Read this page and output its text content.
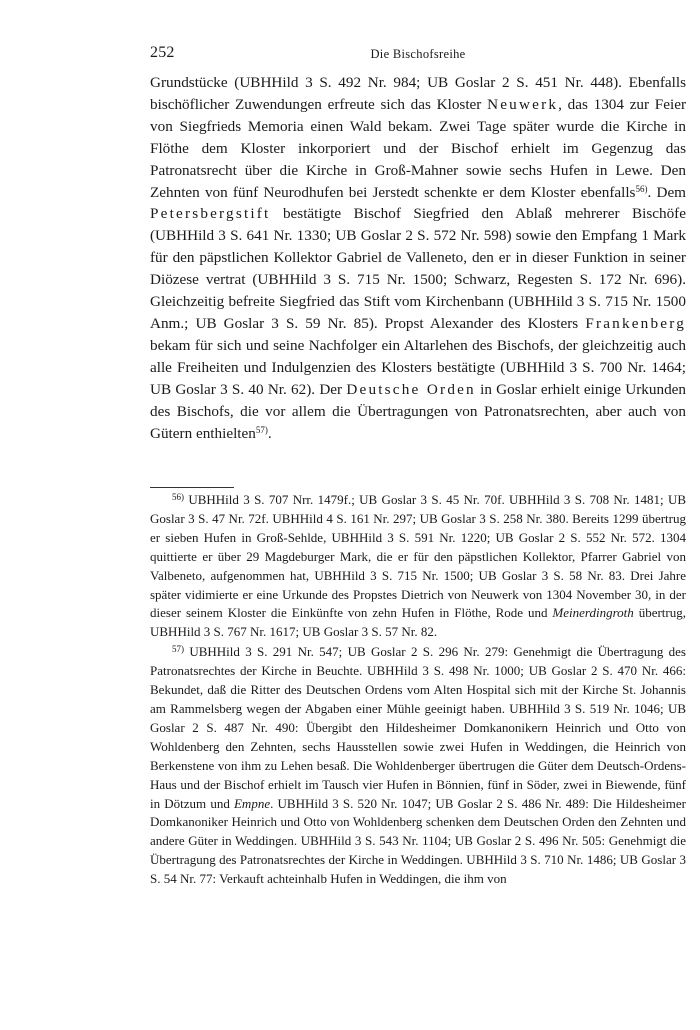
252	Die Bischofsreihe

Grundstücke (UBHHild 3 S. 492 Nr. 984; UB Goslar 2 S. 451 Nr. 448). Ebenfalls bischöflicher Zuwendungen erfreute sich das Kloster Neuwerk, das 1304 zur Feier von Siegfrieds Memoria einen Wald bekam. Zwei Tage später wurde die Kirche in Flöthe dem Kloster inkorporiert und der Bischof erhielt im Gegenzug das Patronatsrecht über die Kirche in Groß-Mahner sowie sechs Hufen in Lewe. Den Zehnten von fünf Neurodhufen bei Jerstedt schenkte er dem Kloster ebenfalls$^{56)}$. Dem Petersbergstift bestätigte Bischof Siegfried den Ablaß mehrerer Bischöfe (UBHHild 3 S. 641 Nr. 1330; UB Goslar 2 S. 572 Nr. 598) sowie den Empfang 1 Mark für den päpstlichen Kollektor Gabriel de Valleneto, den er in dieser Funktion in seiner Diözese vertrat (UBHHild 3 S. 715 Nr. 1500; Schwarz, Regesten S. 172 Nr. 696). Gleichzeitig befreite Siegfried das Stift vom Kirchenbann (UBHHild 3 S. 715 Nr. 1500 Anm.; UB Goslar 3 S. 59 Nr. 85). Propst Alexander des Klosters Frankenberg bekam für sich und seine Nachfolger ein Altarlehen des Bischofs, der gleichzeitig auch alle Freiheiten und Indulgenzien des Klosters bestätigte (UBHHild 3 S. 700 Nr. 1464; UB Goslar 3 S. 40 Nr. 62). Der Deutsche Orden in Goslar erhielt einige Urkunden des Bischofs, die vor allem die Übertragungen von Patronatsrechten, aber auch von Gütern enthielten$^{57)}$.

$^{56)}$ UBHHild 3 S. 707 Nrr. 1479f.; UB Goslar 3 S. 45 Nr. 70f. UBHHild 3 S. 708 Nr. 1481; UB Goslar 3 S. 47 Nr. 72f. UBHHild 4 S. 161 Nr. 297; UB Goslar 3 S. 258 Nr. 380. Bereits 1299 übertrug er sieben Hufen in Groß-Sehlde, UBHHild 3 S. 591 Nr. 1220; UB Goslar 2 S. 552 Nr. 572. 1304 quittierte er über 29 Magdeburger Mark, die er für den päpstlichen Kollektor, Pfarrer Gabriel von Valbeneto, aufgenommen hat, UBHHild 3 S. 715 Nr. 1500; UB Goslar 3 S. 58 Nr. 83. Drei Jahre später vidimierte er eine Urkunde des Propstes Dietrich von Neuwerk von 1304 November 30, in der dieser seinem Kloster die Einkünfte von zehn Hufen in Flöthe, Rode und Meinerdingroth übertrug, UBHHild 3 S. 767 Nr. 1617; UB Goslar 3 S. 57 Nr. 82.

$^{57)}$ UBHHild 3 S. 291 Nr. 547; UB Goslar 2 S. 296 Nr. 279: Genehmigt die Übertragung des Patronatsrechtes der Kirche in Beuchte. UBHHild 3 S. 498 Nr. 1000; UB Goslar 2 S. 470 Nr. 466: Bekundet, daß die Ritter des Deutschen Ordens vom Alten Hospital sich mit der Kirche St. Johannis am Rammelsberg wegen der Abgaben einer Mühle geeinigt haben. UBHHild 3 S. 519 Nr. 1046; UB Goslar 2 S. 487 Nr. 490: Übergibt den Hildesheimer Domkanonikern Heinrich und Otto von Wohldenberg den Zehnten, sechs Hausstellen sowie zwei Hufen in Weddingen, die Heinrich von Berkenstene von ihm zu Lehen besaß. Die Wohldenberger übertrugen die Güter dem Deutsch-Ordens-Haus und der Bischof erhielt im Tausch vier Hufen in Bönnien, fünf in Söder, zwei in Biewende, fünf in Dötzum und Empne. UBHHild 3 S. 520 Nr. 1047; UB Goslar 2 S. 486 Nr. 489: Die Hildesheimer Domkanoniker Heinrich und Otto von Wohldenberg schenken dem Deutschen Orden den Zehnten und andere Güter in Weddingen. UBHHild 3 S. 543 Nr. 1104; UB Goslar 2 S. 496 Nr. 505: Genehmigt die Übertragung des Patronatsrechtes der Kirche in Weddingen. UBHHild 3 S. 710 Nr. 1486; UB Goslar 3 S. 54 Nr. 77: Verkauft achteinhalb Hufen in Weddingen, die ihm von
